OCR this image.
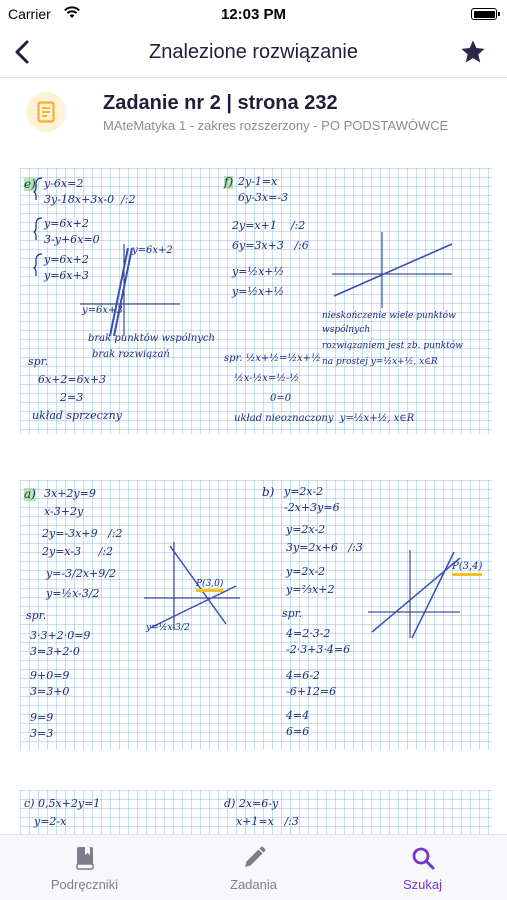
Carrier	12:03 PM
Znalezione rozwiązanie
Zadanie nr 2 | strona 232
MAteMatyka 1 - zakres rozszerzony - PO PODSTAWÓWCE
e) y-6x=2
3y-18x+3x-0  /:2
y=6x+2
3-y+6x=0
y=6x+2
y=6x+3
y=6x+2
y=6x+3
brak punktów wspólnych
brak rozwiązań
spr.
6x+2=6x+3
2=3
układ sprzeczny
f) 2y-1=x
6y-3x=-3
2y=x+1    /:2
6y=3x+3   /:6
y=½x+½
y=½x+½
nieskończenie wiele punktów
wspólnych
rozwiązaniem jest zb. punktów
na prostej y=½x+½, x∈R
spr. ½x+½=½x+½
½x-½x=½-½
0=0
układ nieoznaczony  y=½x+½, x∈R
a) 3x+2y=9
x-3+2y
2y=-3x+9   /:2
2y=x-3     /:2
y=-3/2x+9/2
y=½x-3/2
P(3,0)
y=½x-3/2
spr.
3·3+2·0=9
3=3+2·0
9+0=9
3=3+0
9=9
3=3
b) y=2x-2
-2x+3y=6
y=2x-2
3y=2x+6   /:3
y=2x-2
y=⅔x+2
P(3,4)
spr.
4=2·3-2
-2·3+3·4=6
4=6-2
-6+12=6
4=4
6=6
c) 0,5x+2y=1
y=2-x
d) 2x=6-y
x+1=x   /:3
Podręczniki	Zadania	Szukaj
